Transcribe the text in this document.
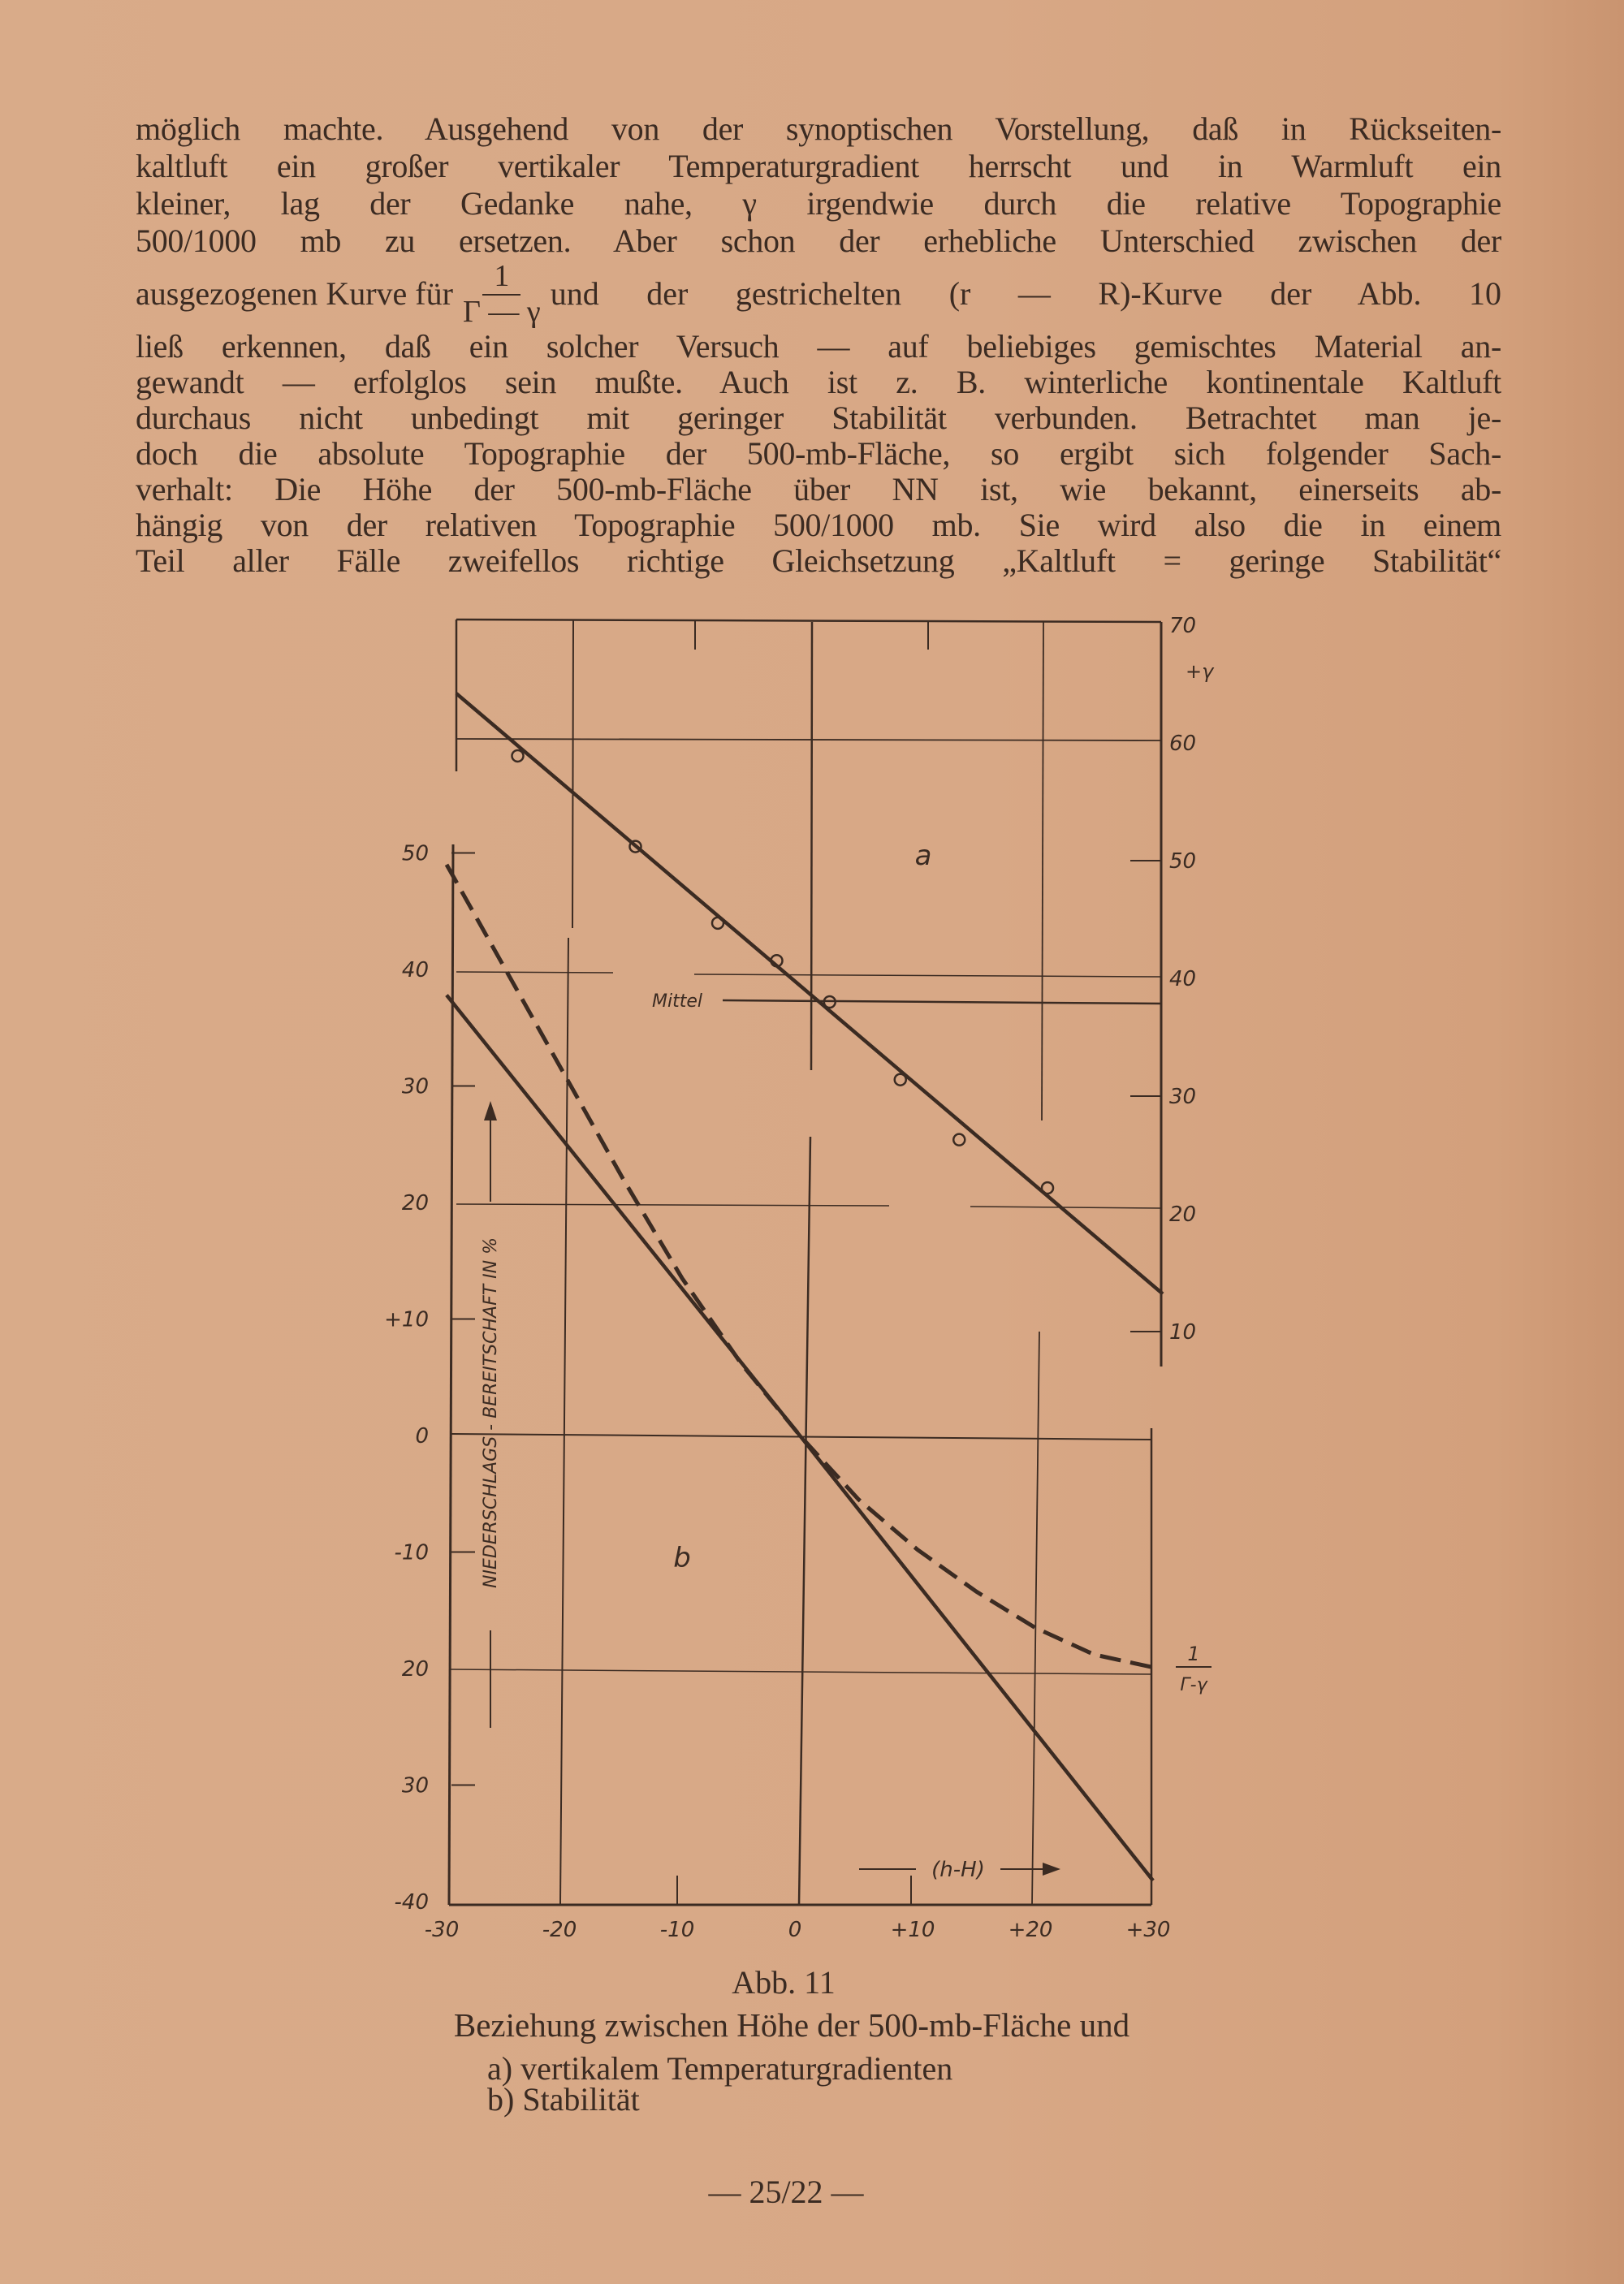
möglich machte. Ausgehend von der synoptischen Vorstellung, daß in Rückseiten-
kaltluft ein großer vertikaler Temperaturgradient herrscht und in Warmluft ein
kleiner, lag der Gedanke nahe, γ irgendwie durch die relative Topographie
500/1000 mb zu ersetzen. Aber schon der erhebliche Unterschied zwischen der
ausgezogenen Kurve für $\frac{1}{\Gamma — \gamma}$ und der gestrichelten (r — R)-Kurve der Abb. 10
ließ erkennen, daß ein solcher Versuch — auf beliebiges gemischtes Material an-
gewandt — erfolglos sein mußte. Auch ist z. B. winterliche kontinentale Kaltluft
durchaus nicht unbedingt mit geringer Stabilität verbunden. Betrachtet man je-
doch die absolute Topographie der 500-mb-Fläche, so ergibt sich folgender Sach-
verhalt: Die Höhe der 500-mb-Fläche über NN ist, wie bekannt, einerseits ab-
hängig von der relativen Topographie 500/1000 mb. Sie wird also die in einem
Teil aller Fälle zweifellos richtige Gleichsetzung „Kaltluft = geringe Stabilität“
50
40
30
20
+10
0
-10
20
30
-40
70
60
50
40
30
20
10
-30	-20	-10	0	+10	+20	+30
a
b
Mittel
+γ
1
Γ-γ
(h-H)
NIEDERSCHLAGS - BEREITSCHAFT IN %
Abb. 11
Beziehung zwischen Höhe der 500-mb-Fläche und
a) vertikalem Temperaturgradienten
b) Stabilität
— 25/22 —
